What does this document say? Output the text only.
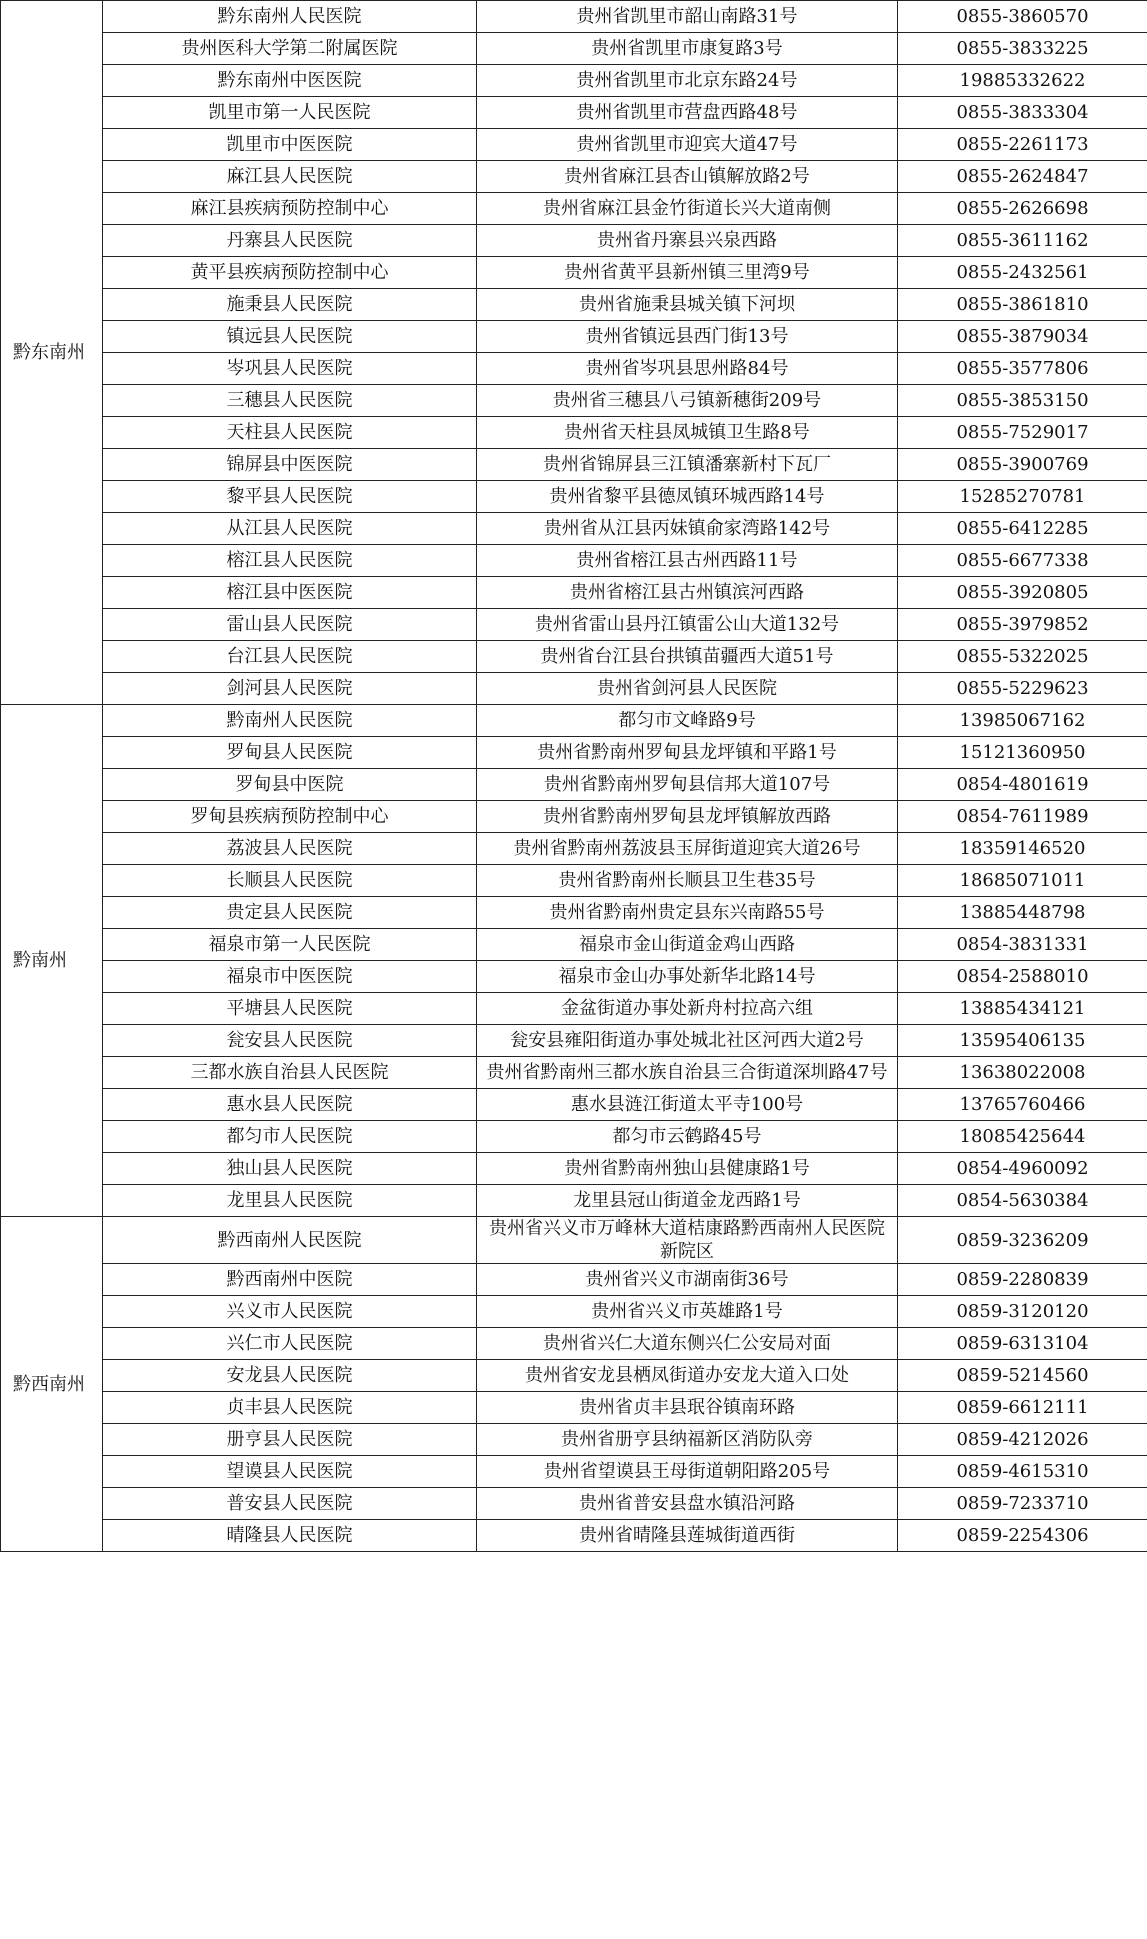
黔东南州	黔东南州人民医院	贵州省凯里市韶山南路31号	0855-3860570
	贵州医科大学第二附属医院	贵州省凯里市康复路3号	0855-3833225
	黔东南州中医医院	贵州省凯里市北京东路24号	19885332622
	凯里市第一人民医院	贵州省凯里市营盘西路48号	0855-3833304
	凯里市中医医院	贵州省凯里市迎宾大道47号	0855-2261173
	麻江县人民医院	贵州省麻江县杏山镇解放路2号	0855-2624847
	麻江县疾病预防控制中心	贵州省麻江县金竹街道长兴大道南侧	0855-2626698
	丹寨县人民医院	贵州省丹寨县兴泉西路	0855-3611162
	黄平县疾病预防控制中心	贵州省黄平县新州镇三里湾9号	0855-2432561
	施秉县人民医院	贵州省施秉县城关镇下河坝	0855-3861810
	镇远县人民医院	贵州省镇远县西门街13号	0855-3879034
	岑巩县人民医院	贵州省岑巩县思州路84号	0855-3577806
	三穗县人民医院	贵州省三穗县八弓镇新穗街209号	0855-3853150
	天柱县人民医院	贵州省天柱县凤城镇卫生路8号	0855-7529017
	锦屏县中医医院	贵州省锦屏县三江镇潘寨新村下瓦厂	0855-3900769
	黎平县人民医院	贵州省黎平县德凤镇环城西路14号	15285270781
	从江县人民医院	贵州省从江县丙妹镇俞家湾路142号	0855-6412285
	榕江县人民医院	贵州省榕江县古州西路11号	0855-6677338
	榕江县中医医院	贵州省榕江县古州镇滨河西路	0855-3920805
	雷山县人民医院	贵州省雷山县丹江镇雷公山大道132号	0855-3979852
	台江县人民医院	贵州省台江县台拱镇苗疆西大道51号	0855-5322025
	剑河县人民医院	贵州省剑河县人民医院	0855-5229623
黔南州	黔南州人民医院	都匀市文峰路9号	13985067162
	罗甸县人民医院	贵州省黔南州罗甸县龙坪镇和平路1号	15121360950
	罗甸县中医院	贵州省黔南州罗甸县信邦大道107号	0854-4801619
	罗甸县疾病预防控制中心	贵州省黔南州罗甸县龙坪镇解放西路	0854-7611989
	荔波县人民医院	贵州省黔南州荔波县玉屏街道迎宾大道26号	18359146520
	长顺县人民医院	贵州省黔南州长顺县卫生巷35号	18685071011
	贵定县人民医院	贵州省黔南州贵定县东兴南路55号	13885448798
	福泉市第一人民医院	福泉市金山街道金鸡山西路	0854-3831331
	福泉市中医医院	福泉市金山办事处新华北路14号	0854-2588010
	平塘县人民医院	金盆街道办事处新舟村拉高六组	13885434121
	瓮安县人民医院	瓮安县雍阳街道办事处城北社区河西大道2号	13595406135
	三都水族自治县人民医院	贵州省黔南州三都水族自治县三合街道深圳路47号	13638022008
	惠水县人民医院	惠水县涟江街道太平寺100号	13765760466
	都匀市人民医院	都匀市云鹤路45号	18085425644
	独山县人民医院	贵州省黔南州独山县健康路1号	0854-4960092
	龙里县人民医院	龙里县冠山街道金龙西路1号	0854-5630384
黔西南州	黔西南州人民医院	贵州省兴义市万峰林大道桔康路黔西南州人民医院新院区	0859-3236209
	黔西南州中医院	贵州省兴义市湖南街36号	0859-2280839
	兴义市人民医院	贵州省兴义市英雄路1号	0859-3120120
	兴仁市人民医院	贵州省兴仁大道东侧兴仁公安局对面	0859-6313104
	安龙县人民医院	贵州省安龙县栖凤街道办安龙大道入口处	0859-5214560
	贞丰县人民医院	贵州省贞丰县珉谷镇南环路	0859-6612111
	册亨县人民医院	贵州省册亨县纳福新区消防队旁	0859-4212026
	望谟县人民医院	贵州省望谟县王母街道朝阳路205号	0859-4615310
	普安县人民医院	贵州省普安县盘水镇沿河路	0859-7233710
	晴隆县人民医院	贵州省晴隆县莲城街道西街	0859-2254306
